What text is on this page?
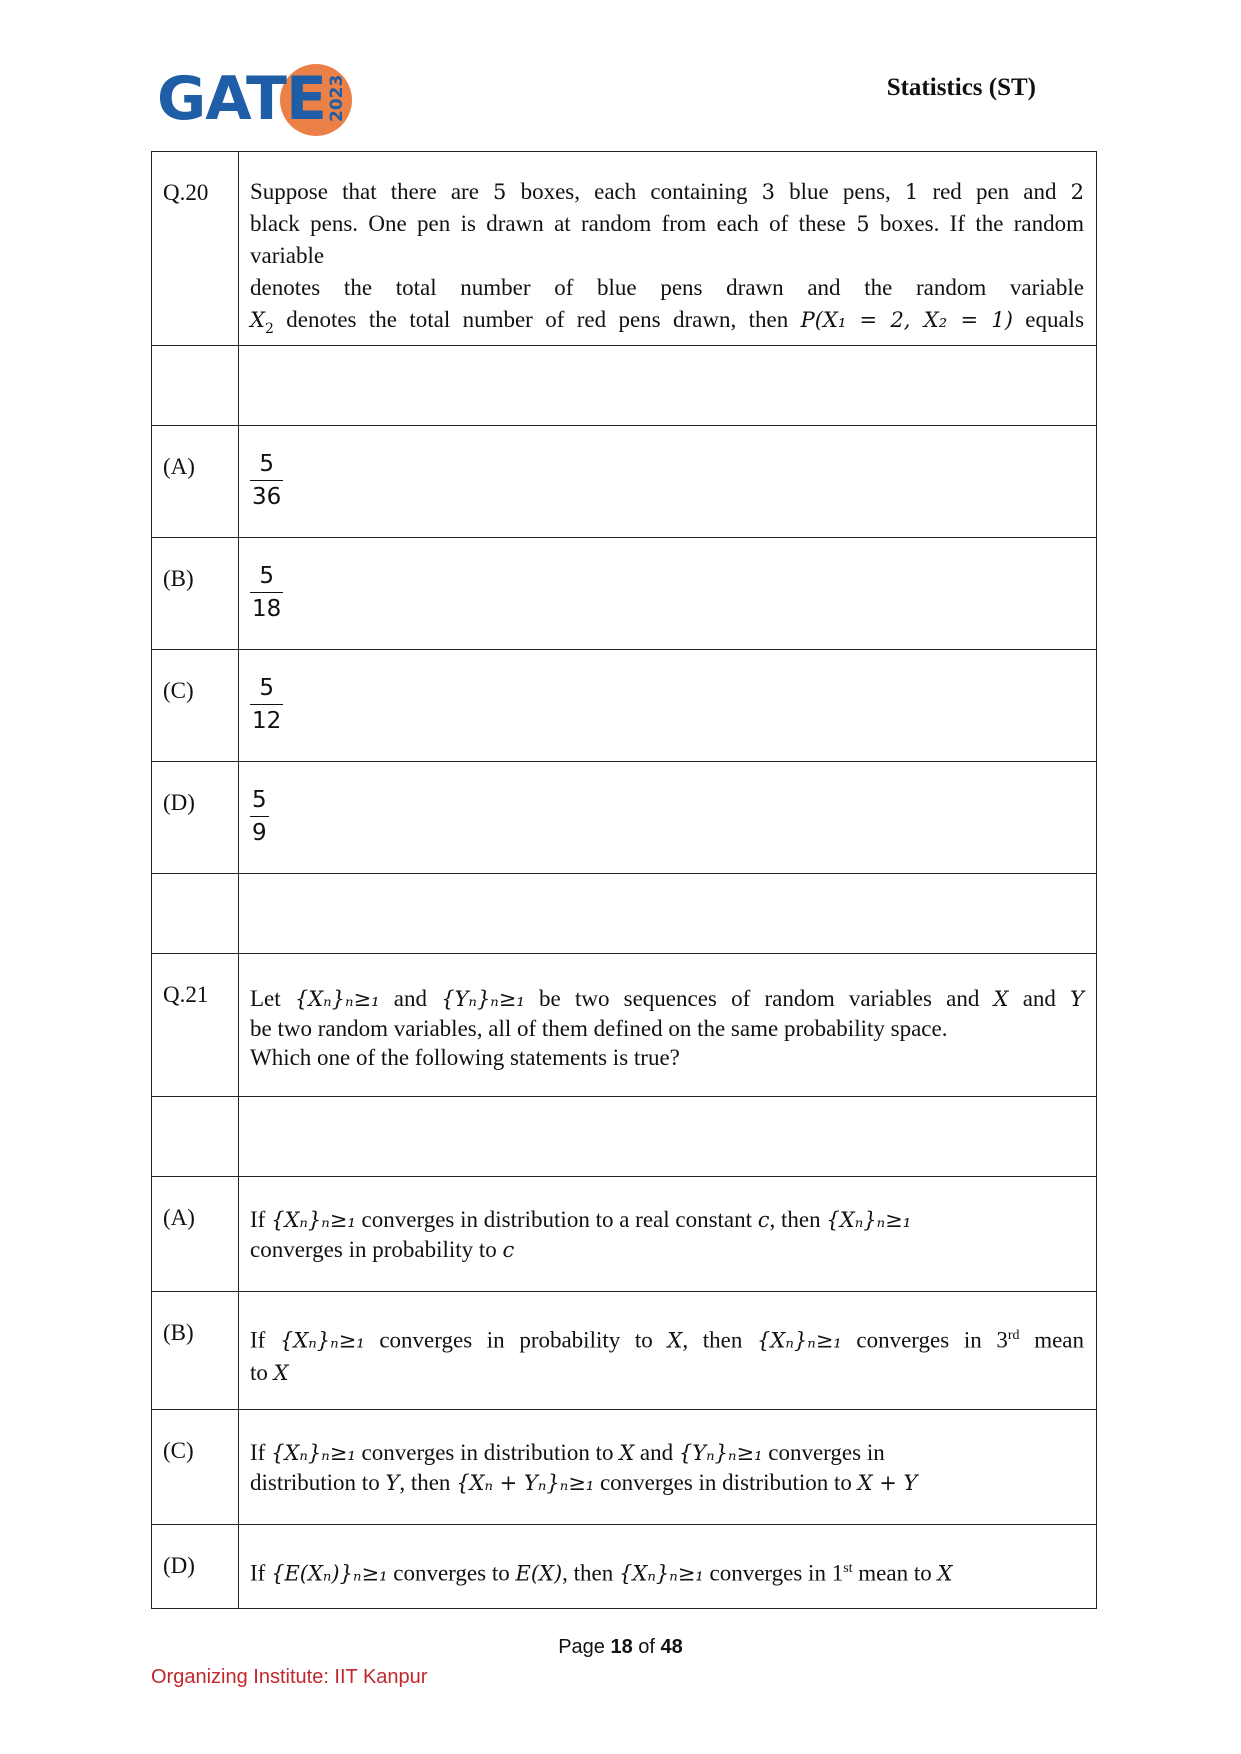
GATE 2023	Statistics (ST)
Q.20	Suppose that there are 5 boxes, each containing 3 blue pens, 1 red pen and 2
black pens. One pen is drawn at random from each of these 5 boxes. If the random variable
denotes the total number of blue pens drawn and the random variable
$X_2$ denotes the total number of red pens drawn, then P(X₁ = 2, X₂ = 1) equals

(A)	$\frac{5}{36}$

(B)	$\frac{5}{18}$

(C)	$\frac{5}{12}$

(D)	$\frac{5}{9}$

Q.21	Let {Xₙ}ₙ≥₁ and {Yₙ}ₙ≥₁ be two sequences of random variables and X and Y
be two random variables, all of them defined on the same probability space.
Which one of the following statements is true?

(A)	If {Xₙ}ₙ≥₁ converges in distribution to a real constant c, then {Xₙ}ₙ≥₁
converges in probability to c

(B)	If {Xₙ}ₙ≥₁ converges in probability to X, then {Xₙ}ₙ≥₁ converges in 3rd mean
to X

(C)	If {Xₙ}ₙ≥₁ converges in distribution to X and {Yₙ}ₙ≥₁ converges in
distribution to Y, then {Xₙ + Yₙ}ₙ≥₁ converges in distribution to X + Y

(D)	If {E(Xₙ)}ₙ≥₁ converges to E(X), then {Xₙ}ₙ≥₁ converges in 1st mean to X
Page 18 of 48
Organizing Institute: IIT Kanpur
